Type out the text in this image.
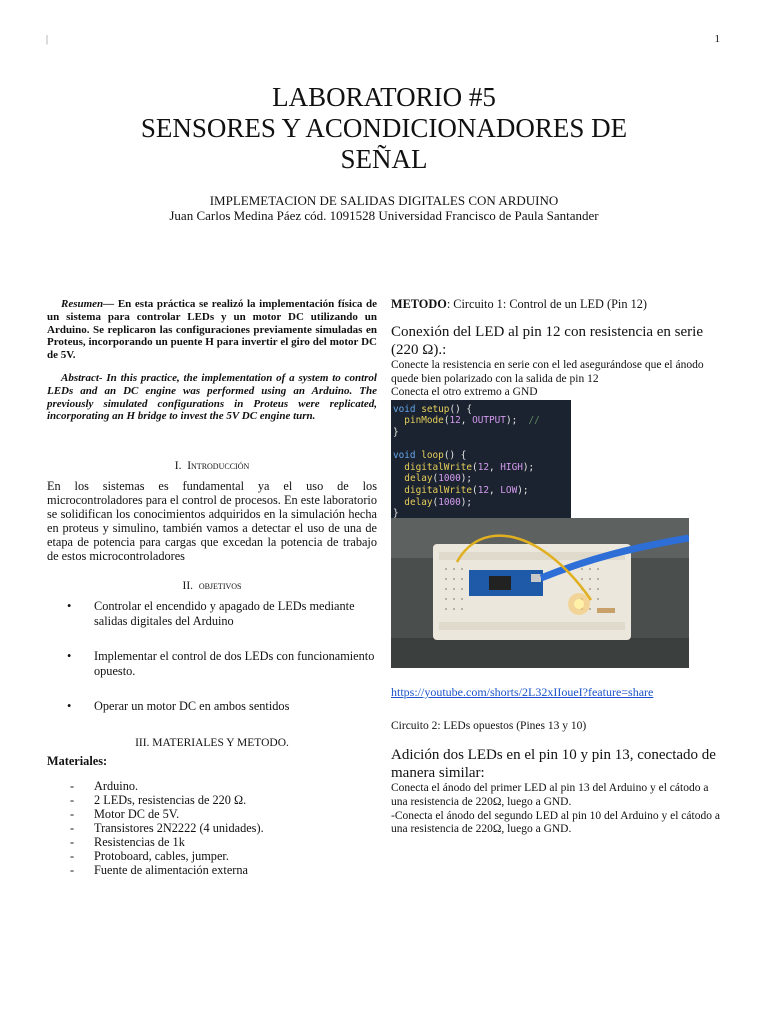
|	1
LABORATORIO #5
SENSORES Y ACONDICIONADORES DE
SEÑAL
IMPLEMETACION DE SALIDAS DIGITALES CON ARDUINO
Juan Carlos Medina Páez cód. 1091528 Universidad Francisco de Paula Santander

Resumen— En esta práctica se realizó la implementación física de un sistema para controlar LEDs y un motor DC utilizando un Arduino. Se replicaron las configuraciones previamente simuladas en Proteus, incorporando un puente H para invertir el giro del motor DC de 5V.

Abstract- In this practice, the implementation of a system to control LEDs and an DC engine was performed using an Arduino. The previously simulated configurations in Proteus were replicated, incorporating an H bridge to invest the 5V DC engine turn.

I. Introducción

En los sistemas es fundamental ya el uso de los microcontroladores para el control de procesos. En este laboratorio se solidifican los conocimientos adquiridos en la simulación hecha en proteus y simulino, también vamos a detectar el uso de una de etapa de potencia para cargas que excedan la potencia de trabajo de estos microcontroladores

II. objetivos
• Controlar el encendido y apagado de LEDs mediante salidas digitales del Arduino
• Implementar el control de dos LEDs con funcionamiento opuesto.
• Operar un motor DC en ambos sentidos
III. MATERIALES Y METODO.
Materiales:
- Arduino.
- 2 LEDs, resistencias de 220 Ω.
- Motor DC de 5V.
- Transistores 2N2222 (4 unidades).
- Resistencias de 1k
- Protoboard, cables, jumper.
- Fuente de alimentación externa
METODO: Circuito 1: Control de un LED (Pin 12)
Conexión del LED al pin 12 con resistencia en serie (220 Ω).:
Conecte la resistencia en serie con el led asegurándose que el ánodo quede bien polarizado con la salida de pin 12
Conecta el otro extremo a GND
void setup() {
pinMode(12, OUTPUT);  //
}

void loop() {
digitalWrite(12, HIGH);
delay(1000);
digitalWrite(12, LOW);
delay(1000);
}
https://youtube.com/shorts/2L32xIIoueI?feature=share
Circuito 2: LEDs opuestos (Pines 13 y 10)
Adición dos LEDs en el pin 10 y pin 13, conectado de manera similar:
Conecta el ánodo del primer LED al pin 13 del Arduino y el cátodo a una resistencia de 220Ω, luego a GND.
-Conecta el ánodo del segundo LED al pin 10 del Arduino y el cátodo a una resistencia de 220Ω, luego a GND.
